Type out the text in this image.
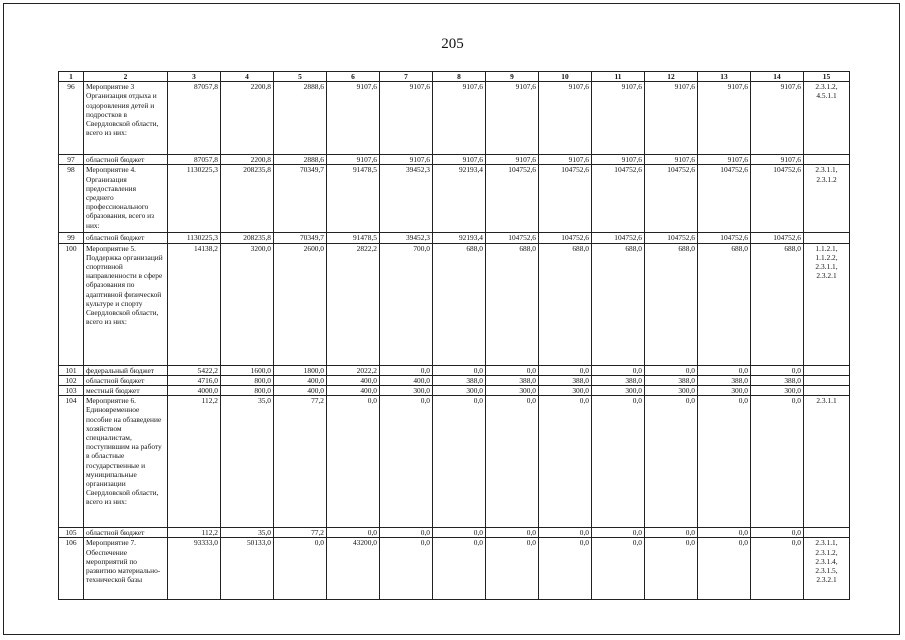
205
1	2	3	4	5	6	7	8	9	10	11	12	13	14	15
96	Мероприятие 3 Организация отдыха и оздоровления детей и подростков в Свердловской области, всего из них:	87057,8	2200,8	2888,6	9107,6	9107,6	9107,6	9107,6	9107,6	9107,6	9107,6	9107,6	9107,6	2.3.1.2, 4.5.1.1
97	областной бюджет	87057,8	2200,8	2888,6	9107,6	9107,6	9107,6	9107,6	9107,6	9107,6	9107,6	9107,6	9107,6	
98	Мероприятие 4. Организация предоставления среднего профессионального образования, всего из них:	1130225,3	208235,8	70349,7	91478,5	39452,3	92193,4	104752,6	104752,6	104752,6	104752,6	104752,6	104752,6	2.3.1.1, 2.3.1.2
99	областной бюджет	1130225,3	208235,8	70349,7	91478,5	39452,3	92193,4	104752,6	104752,6	104752,6	104752,6	104752,6	104752,6	
100	Мероприятие 5. Поддержка организаций спортивной направленности в сфере образования по адаптивной физической культуре и спорту Свердловской области, всего из них:	14138,2	3200,0	2600,0	2822,2	700,0	688,0	688,0	688,0	688,0	688,0	688,0	688,0	1.1.2.1, 1.1.2.2, 2.3.1.1, 2.3.2.1
101	федеральный бюджет	5422,2	1600,0	1800,0	2022,2	0,0	0,0	0,0	0,0	0,0	0,0	0,0	0,0	
102	областной бюджет	4716,0	800,0	400,0	400,0	400,0	388,0	388,0	388,0	388,0	388,0	388,0	388,0	
103	местный бюджет	4000,0	800,0	400,0	400,0	300,0	300,0	300,0	300,0	300,0	300,0	300,0	300,0	
104	Мероприятие 6. Единовременное пособие на обзаведение хозяйством специалистам, поступившим на работу в областные государственные и муниципальные организации Свердловской области, всего из них:	112,2	35,0	77,2	0,0	0,0	0,0	0,0	0,0	0,0	0,0	0,0	0,0	2.3.1.1
105	областной бюджет	112,2	35,0	77,2	0,0	0,0	0,0	0,0	0,0	0,0	0,0	0,0	0,0	
106	Мероприятие 7. Обеспечение мероприятий по развитию материально-технической базы	93333,0	50133,0	0,0	43200,0	0,0	0,0	0,0	0,0	0,0	0,0	0,0	0,0	2.3.1.1, 2.3.1.2, 2.3.1.4, 2.3.1.5, 2.3.2.1
